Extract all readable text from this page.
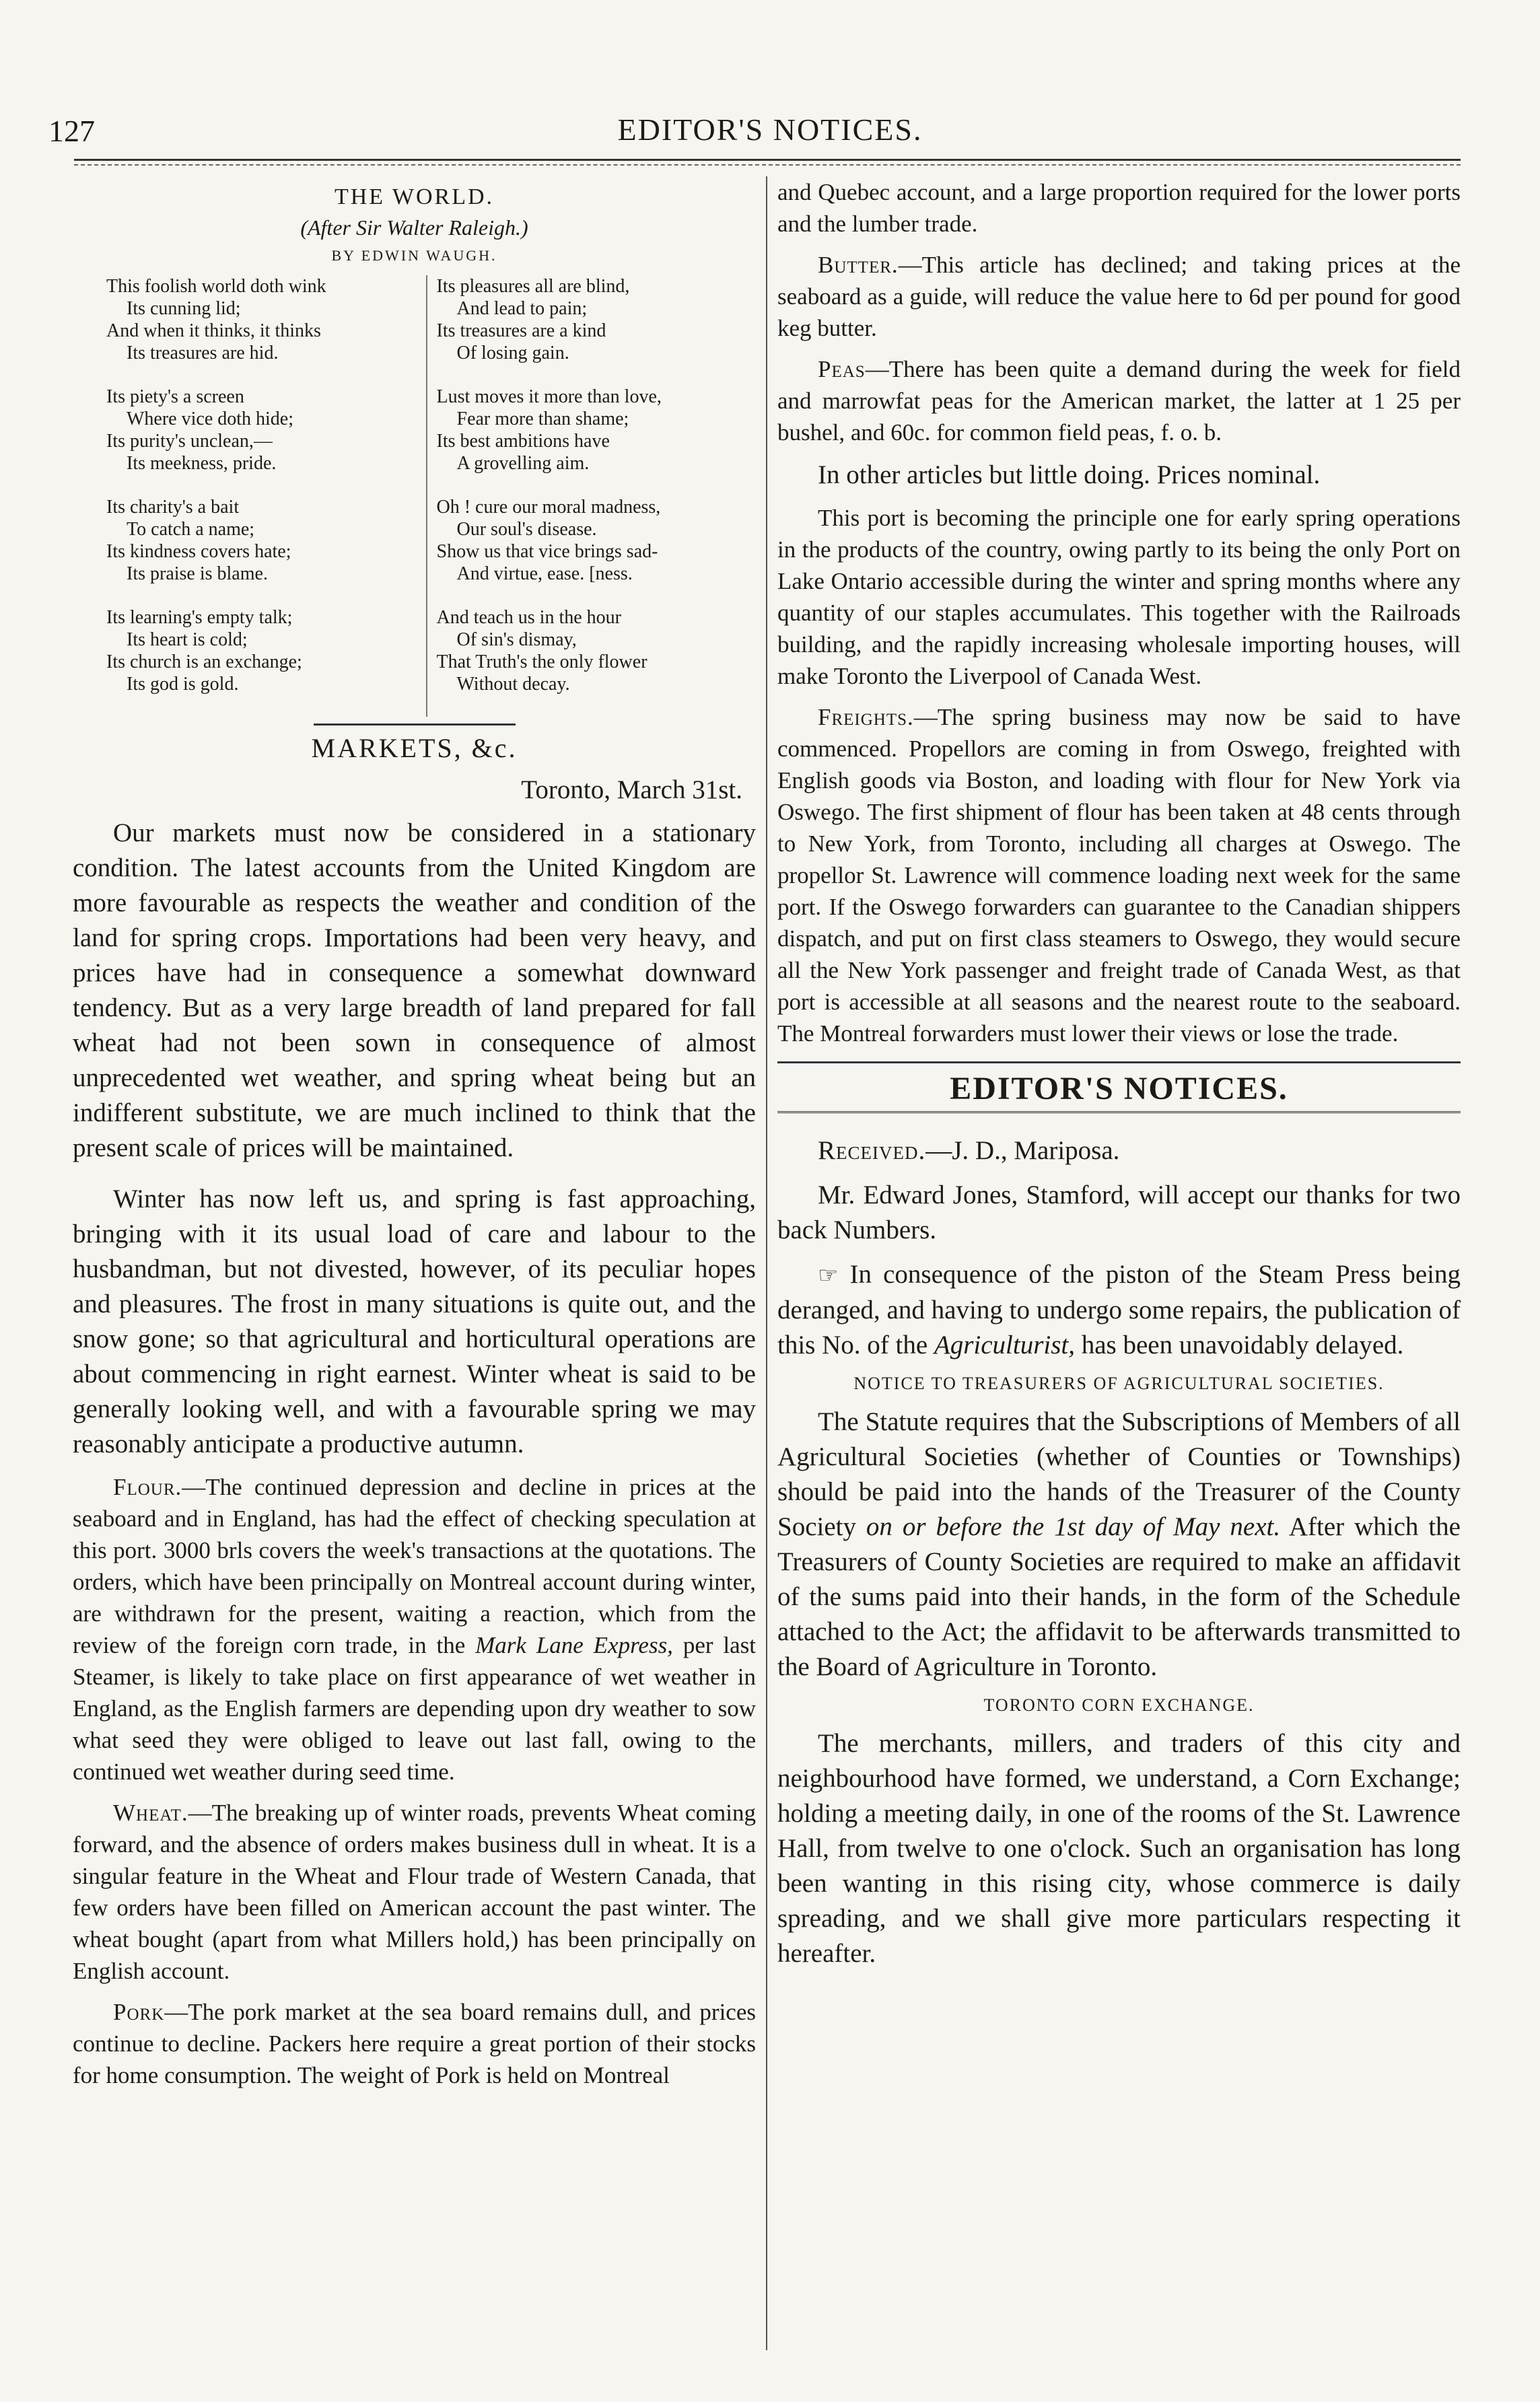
127	EDITOR'S NOTICES.
THE WORLD.
(After Sir Walter Raleigh.)
BY EDWIN WAUGH.
This foolish world doth wink
Its cunning lid;
And when it thinks, it thinks
Its treasures are hid.
Its piety's a screen
Where vice doth hide;
Its purity's unclean,—
Its meekness, pride.
Its charity's a bait
To catch a name;
Its kindness covers hate;
Its praise is blame.
Its learning's empty talk;
Its heart is cold;
Its church is an exchange;
Its god is gold.
Its pleasures all are blind,
And lead to pain;
Its treasures are a kind
Of losing gain.
Lust moves it more than love,
Fear more than shame;
Its best ambitions have
A grovelling aim.
Oh ! cure our moral madness,
Our soul's disease.
Show us that vice brings sad-
And virtue, ease. [ness.
And teach us in the hour
Of sin's dismay,
That Truth's the only flower
Without decay.
MARKETS, &c.
Toronto, March 31st.

Our markets must now be considered in a stationary condition. The latest accounts from the United Kingdom are more favourable as respects the weather and condition of the land for spring crops. Importations had been very heavy, and prices have had in consequence a somewhat downward tendency. But as a very large breadth of land prepared for fall wheat had not been sown in consequence of almost unprecedented wet weather, and spring wheat being but an indifferent substitute, we are much inclined to think that the present scale of prices will be maintained.

Winter has now left us, and spring is fast approaching, bringing with it its usual load of care and labour to the husbandman, but not divested, however, of its peculiar hopes and pleasures. The frost in many situations is quite out, and the snow gone; so that agricultural and horticultural operations are about commencing in right earnest. Winter wheat is said to be generally looking well, and with a favourable spring we may reasonably anticipate a productive autumn.

Flour.—The continued depression and decline in prices at the seaboard and in England, has had the effect of checking speculation at this port. 3000 brls covers the week's transactions at the quotations. The orders, which have been principally on Montreal account during winter, are withdrawn for the present, waiting a reaction, which from the review of the foreign corn trade, in the Mark Lane Express, per last Steamer, is likely to take place on first appearance of wet weather in England, as the English farmers are depending upon dry weather to sow what seed they were obliged to leave out last fall, owing to the continued wet weather during seed time.

Wheat.—The breaking up of winter roads, prevents Wheat coming forward, and the absence of orders makes business dull in wheat. It is a singular feature in the Wheat and Flour trade of Western Canada, that few orders have been filled on American account the past winter. The wheat bought (apart from what Millers hold,) has been principally on English account.

Pork—The pork market at the sea board remains dull, and prices continue to decline. Packers here require a great portion of their stocks for home consumption. The weight of Pork is held on Montreal

and Quebec account, and a large proportion required for the lower ports and the lumber trade.

Butter.—This article has declined; and taking prices at the seaboard as a guide, will reduce the value here to 6d per pound for good keg butter.

Peas—There has been quite a demand during the week for field and marrowfat peas for the American market, the latter at 1 25 per bushel, and 60c. for common field peas, f. o. b.

In other articles but little doing. Prices nominal.

This port is becoming the principle one for early spring operations in the products of the country, owing partly to its being the only Port on Lake Ontario accessible during the winter and spring months where any quantity of our staples accumulates. This together with the Railroads building, and the rapidly increasing wholesale importing houses, will make Toronto the Liverpool of Canada West.

Freights.—The spring business may now be said to have commenced. Propellors are coming in from Oswego, freighted with English goods via Boston, and loading with flour for New York via Oswego. The first shipment of flour has been taken at 48 cents through to New York, from Toronto, including all charges at Oswego. The propellor St. Lawrence will commence loading next week for the same port. If the Oswego forwarders can guarantee to the Canadian shippers dispatch, and put on first class steamers to Oswego, they would secure all the New York passenger and freight trade of Canada West, as that port is accessible at all seasons and the nearest route to the seaboard. The Montreal forwarders must lower their views or lose the trade.

EDITOR'S NOTICES.

Received.—J. D., Mariposa.

Mr. Edward Jones, Stamford, will accept our thanks for two back Numbers.

☞ In consequence of the piston of the Steam Press being deranged, and having to undergo some repairs, the publication of this No. of the Agriculturist, has been unavoidably delayed.

NOTICE TO TREASURERS OF AGRICULTURAL SOCIETIES.

The Statute requires that the Subscriptions of Members of all Agricultural Societies (whether of Counties or Townships) should be paid into the hands of the Treasurer of the County Society on or before the 1st day of May next. After which the Treasurers of County Societies are required to make an affidavit of the sums paid into their hands, in the form of the Schedule attached to the Act; the affidavit to be afterwards transmitted to the Board of Agriculture in Toronto.

TORONTO CORN EXCHANGE.

The merchants, millers, and traders of this city and neighbourhood have formed, we understand, a Corn Exchange; holding a meeting daily, in one of the rooms of the St. Lawrence Hall, from twelve to one o'clock. Such an organisation has long been wanting in this rising city, whose commerce is daily spreading, and we shall give more particulars respecting it hereafter.
